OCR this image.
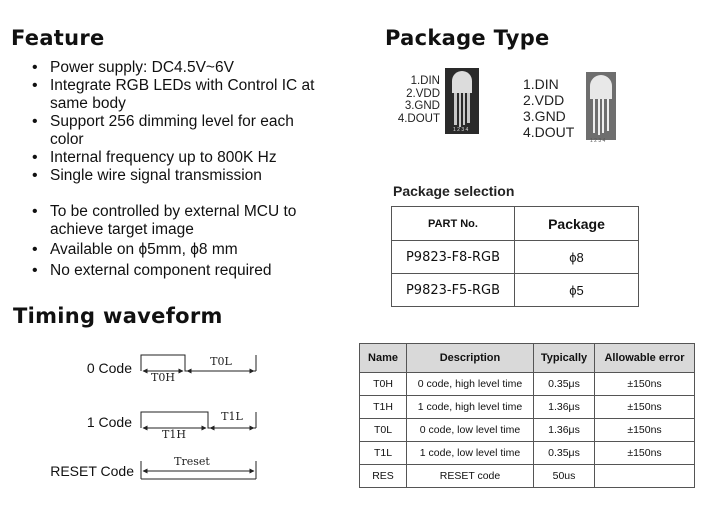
Feature
• Power supply: DC4.5V~6V
• Integrate RGB LEDs with Control IC at
same body
• Support 256 dimming level for each
color
• Internal frequency up to 800K Hz
• Single wire signal transmission
• To be controlled by external MCU to
achieve target image
• Available on ϕ5mm, ϕ8 mm
• No external component required
Package Type
1.DIN
2.VDD
3.GND
4.DOUT
1 2 3 4
1.DIN
2.VDD
3.GND
4.DOUT
1 2 3 4
Package selection
PART No.	Package
P9823-F8-RGB	ϕ8
P9823-F5-RGB	ϕ5
Timing waveform
0 Code
1 Code
RESET Code
T0H
T0L
T1H
T1L
Treset
Name	Description	Typically	Allowable error
T0H	0 code, high level time	0.35μs	±150ns
T1H	1 code, high level time	1.36μs	±150ns
T0L	0 code, low level time	1.36μs	±150ns
T1L	1 code, low level time	0.35μs	±150ns
RES	RESET code	50us	
